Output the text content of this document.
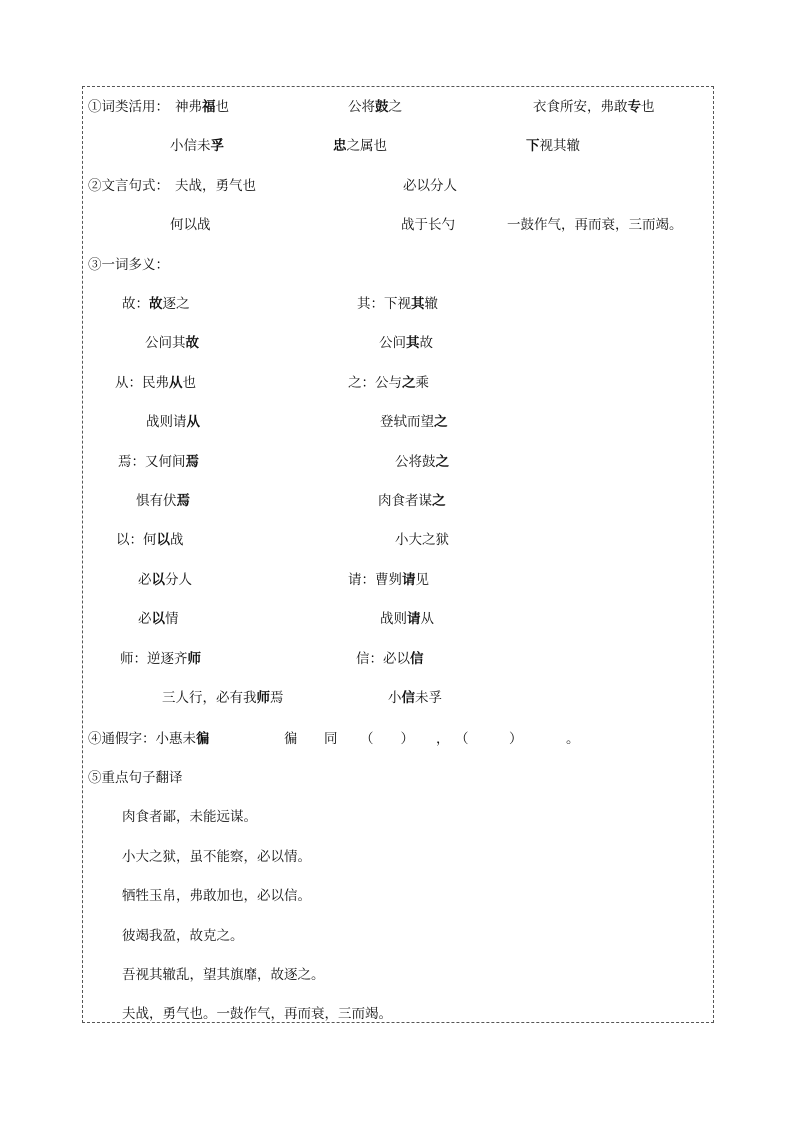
①词类活用： 神弗福也	公将鼓之	衣食所安，弗敢专也
小信未孚	忠之属也	下视其辙
②文言句式： 夫战，勇气也	必以分人
何以战	战于长勺	一鼓作气，再而衰，三而竭。
③一词多义：
故：故逐之	其：下视其辙
公问其故	公问其故
从：民弗从也	之：公与之乘
战则请从	登轼而望之
焉：又何间焉	公将鼓之
惧有伏焉	肉食者谋之
以：何以战	小大之狱
必以分人	请：曹刿请见
必以情	战则请从
师：逆逐齐师	信：必以信
三人行，必有我师焉	小信未孚
④通假字：小惠未徧	徧 同 （　　） ， （　　　）	。
⑤重点句子翻译
肉食者鄙，未能远谋。
小大之狱，虽不能察，必以情。
牺牲玉帛，弗敢加也，必以信。
彼竭我盈，故克之。
吾视其辙乱，望其旗靡，故逐之。
夫战，勇气也。一鼓作气，再而衰，三而竭。
